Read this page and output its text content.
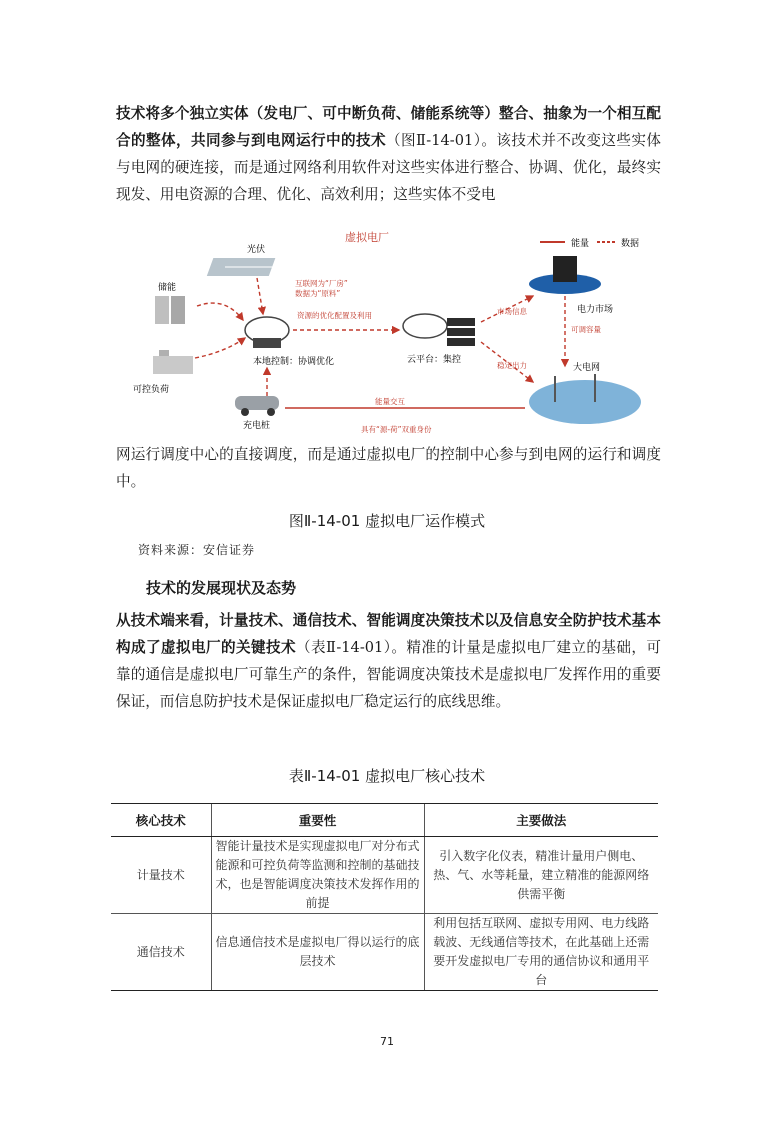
技术将多个独立实体（发电厂、可中断负荷、储能系统等）整合、抽象为一个相互配合的整体，共同参与到电网运行中的技术（图Ⅱ-14-01）。该技术并不改变这些实体与电网的硬连接，而是通过网络利用软件对这些实体进行整合、协调、优化，最终实现发、用电资源的合理、优化、高效利用；这些实体不受电

能量	数据
虚拟电厂
光伏
储能
可控负荷
充电桩
本地控制：协调优化	云平台：集控
电力市场
大电网
互联网为“厂房”
数据为“原料”
资源的优化配置及利用	市场信息
可调容量
稳定出力
能量交互
具有“源-荷”双重身份

网运行调度中心的直接调度，而是通过虚拟电厂的控制中心参与到电网的运行和调度中。

图Ⅱ-14-01 虚拟电厂运作模式
资料来源：安信证券
技术的发展现状及态势

从技术端来看，计量技术、通信技术、智能调度决策技术以及信息安全防护技术基本构成了虚拟电厂的关键技术（表Ⅱ-14-01）。精准的计量是虚拟电厂建立的基础，可靠的通信是虚拟电厂可靠生产的条件，智能调度决策技术是虚拟电厂发挥作用的重要保证，而信息防护技术是保证虚拟电厂稳定运行的底线思维。

表Ⅱ-14-01 虚拟电厂核心技术
核心技术	重要性	主要做法
计量技术	智能计量技术是实现虚拟电厂对分布式能源和可控负荷等监测和控制的基础技术，也是智能调度决策技术发挥作用的前提	引入数字化仪表，精准计量用户侧电、热、气、水等耗量，建立精准的能源网络供需平衡
通信技术	信息通信技术是虚拟电厂得以运行的底层技术	利用包括互联网、虚拟专用网、电力线路载波、无线通信等技术，在此基础上还需要开发虚拟电厂专用的通信协议和通用平台
71
